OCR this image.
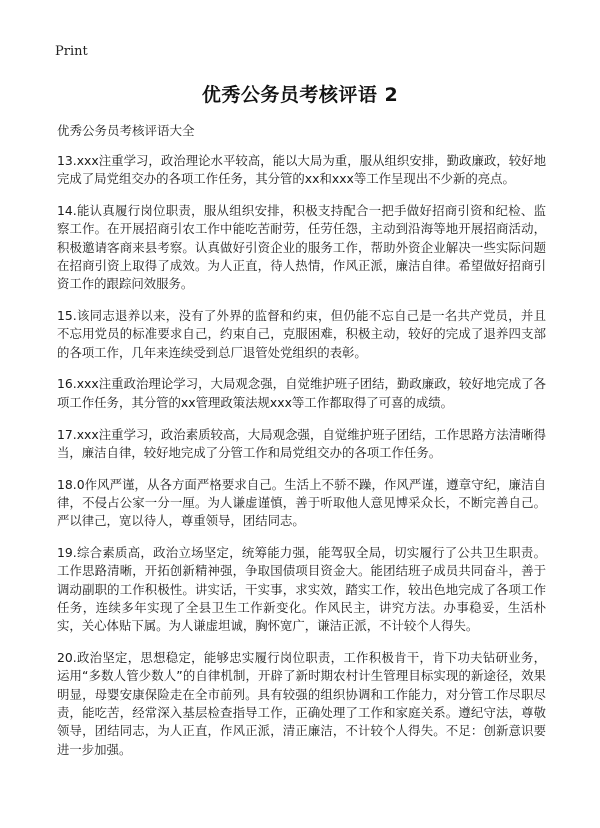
Print
优秀公务员考核评语 2
优秀公务员考核评语大全

13.xxx注重学习，政治理论水平较高，能以大局为重，服从组织安排，勤政廉政，较好地完成了局党组交办的各项工作任务，其分管的xx和xxx等工作呈现出不少新的亮点。

14.能认真履行岗位职责，服从组织安排，积极支持配合一把手做好招商引资和纪检、监察工作。在开展招商引农工作中能吃苦耐劳，任劳任怨，主动到沿海等地开展招商活动，积极邀请客商来县考察。认真做好引资企业的服务工作，帮助外资企业解决一些实际问题在招商引资上取得了成效。为人正直，待人热情，作风正派，廉洁自律。希望做好招商引资工作的跟踪问效服务。

15.该同志退养以来，没有了外界的监督和约束，但仍能不忘自己是一名共产党员，并且不忘用党员的标准要求自己，约束自己，克服困难，积极主动，较好的完成了退养四支部的各项工作，几年来连续受到总厂退管处党组织的表彰。

16.xxx注重政治理论学习，大局观念强，自觉维护班子团结，勤政廉政，较好地完成了各项工作任务，其分管的xx管理政策法规xxx等工作都取得了可喜的成绩。

17.xxx注重学习，政治素质较高，大局观念强，自觉维护班子团结，工作思路方法清晰得当，廉洁自律，较好地完成了分管工作和局党组交办的各项工作任务。

18.0作风严谨，从各方面严格要求自己。生活上不骄不躁，作风严谨，遵章守纪，廉洁自律，不侵占公家一分一厘。为人谦虚谨慎，善于听取他人意见博采众长，不断完善自己。严以律己，宽以待人，尊重领导，团结同志。

19.综合素质高，政治立场坚定，统筹能力强，能驾驭全局，切实履行了公共卫生职责。工作思路清晰，开拓创新精神强，争取国债项目资金大。能团结班子成员共同奋斗，善于调动副职的工作积极性。讲实话，干实事，求实效，踏实工作，较出色地完成了各项工作任务，连续多年实现了全县卫生工作新变化。作风民主，讲究方法。办事稳妥，生活朴实，关心体贴下属。为人谦虚坦诚，胸怀宽广，谦洁正派，不计较个人得失。

20.政治坚定，思想稳定，能够忠实履行岗位职责，工作积极肯干，肯下功夫钻研业务，运用“多数人管少数人”的自律机制，开辟了新时期农村计生管理目标实现的新途径，效果明显，母婴安康保险走在全市前列。具有较强的组织协调和工作能力，对分管工作尽职尽责，能吃苦，经常深入基层检查指导工作，正确处理了工作和家庭关系。遵纪守法，尊敬领导，团结同志，为人正直，作风正派，清正廉洁，不计较个人得失。不足：创新意识要进一步加强。
